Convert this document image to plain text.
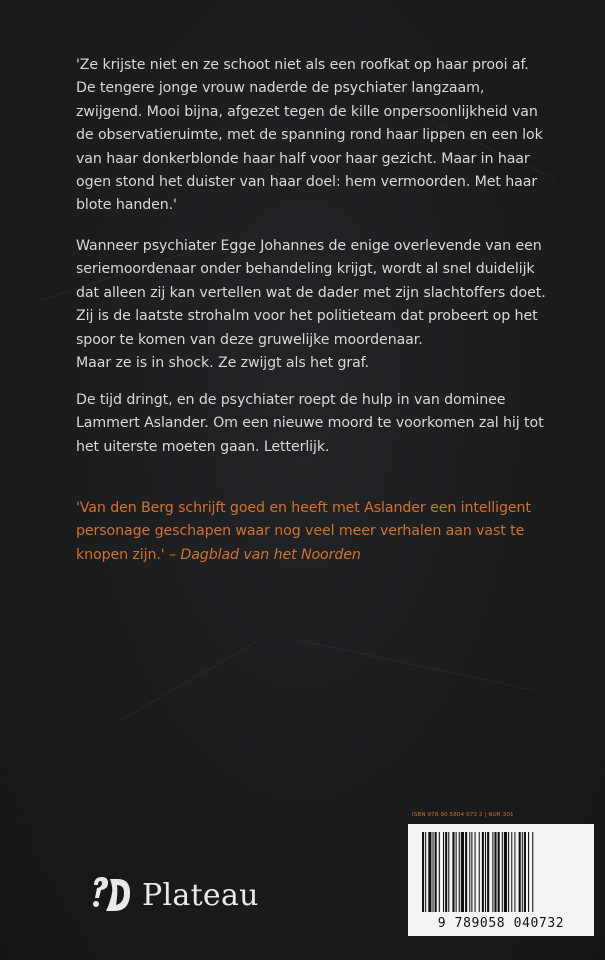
'Ze krijste niet en ze schoot niet als een roofkat op haar prooi af. De tengere jonge vrouw naderde de psychiater langzaam, zwijgend. Mooi bijna, afgezet tegen de kille onpersoonlijkheid van de observatieruimte, met de spanning rond haar lippen en een lok van haar donkerblonde haar half voor haar gezicht. Maar in haar ogen stond het duister van haar doel: hem vermoorden. Met haar blote handen.'

Wanneer psychiater Egge Johannes de enige overlevende van een seriemoordenaar onder behandeling krijgt, wordt al snel duidelijk dat alleen zij kan vertellen wat de dader met zijn slachtoffers doet. Zij is de laatste strohalm voor het politieteam dat probeert op het spoor te komen van deze gruwelijke moordenaar.
Maar ze is in shock. Ze zwijgt als het graf.

De tijd dringt, en de psychiater roept de hulp in van dominee Lammert Aslander. Om een nieuwe moord te voorkomen zal hij tot het uiterste moeten gaan. Letterlijk.

'Van den Berg schrijft goed en heeft met Aslander een intelligent personage geschapen waar nog veel meer verhalen aan vast te knopen zijn.' – Dagblad van het Noorden

ISBN 978 90 5804 073 2 | NUR 301
9 789058 040732
Plateau
